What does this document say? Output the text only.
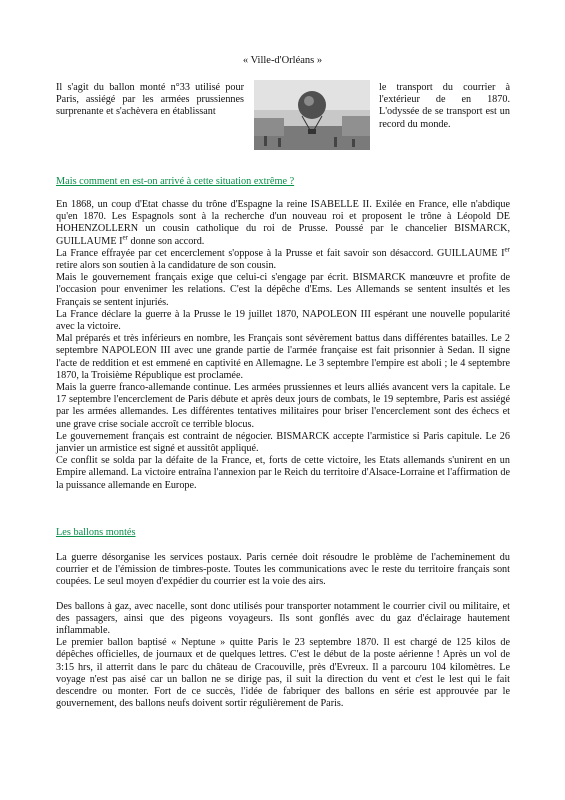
« Ville-d'Orléans »
Il s'agit du ballon monté n°33 utilisé pour Paris, assiégé par les armées prussiennes surprenante et s'achèvera en établissant
le transport du courrier à l'extérieur de en 1870. L'odyssée de se transport est un record du monde.
Mais comment en est-on arrivé à cette situation extrême ?

En 1868, un coup d'Etat chasse du trône d'Espagne la reine ISABELLE II. Exilée en France, elle n'abdique qu'en 1870. Les Espagnols sont à la recherche d'un nouveau roi et proposent le trône à Léopold DE HOHENZOLLERN un cousin catholique du roi de Prusse. Poussé par le chancelier BISMARCK, GUILLAUME Ier donne son accord.

La France effrayée par cet encerclement s'oppose à la Prusse et fait savoir son désaccord. GUILLAUME Ier retire alors son soutien à la candidature de son cousin.

Mais le gouvernement français exige que celui-ci s'engage par écrit. BISMARCK manœuvre et profite de l'occasion pour envenimer les relations. C'est la dépêche d'Ems. Les Allemands se sentent insultés et les Français se sentent injuriés.

La France déclare la guerre à la Prusse le 19 juillet 1870, NAPOLEON III espérant une nouvelle popularité avec la victoire.

Mal préparés et très inférieurs en nombre, les Français sont sévèrement battus dans différentes batailles. Le 2 septembre NAPOLEON III avec une grande partie de l'armée française est fait prisonnier à Sedan. Il signe l'acte de reddition et est emmené en captivité en Allemagne. Le 3 septembre l'empire est aboli ; le 4 septembre 1870, la Troisième République est proclamée.

Mais la guerre franco-allemande continue. Les armées prussiennes et leurs alliés avancent vers la capitale. Le 17 septembre l'encerclement de Paris débute et après deux jours de combats, le 19 septembre, Paris est assiégé par les armées allemandes. Les différentes tentatives militaires pour briser l'encerclement sont des échecs et une grave crise sociale accroît ce terrible blocus.

Le gouvernement français est contraint de négocier. BISMARCK accepte l'armistice si Paris capitule. Le 26 janvier un armistice est signé et aussitôt appliqué.

Ce conflit se solda par la défaite de la France, et, forts de cette victoire, les Etats allemands s'unirent en un Empire allemand. La victoire entraîna l'annexion par le Reich du territoire d'Alsace-Lorraine et l'affirmation de la puissance allemande en Europe.

Les ballons montés

La guerre désorganise les services postaux. Paris cernée doit résoudre le problème de l'acheminement du courrier et de l'émission de timbres-poste. Toutes les communications avec le reste du territoire français sont coupées. Le seul moyen d'expédier du courrier est la voie des airs.

Des ballons à gaz, avec nacelle, sont donc utilisés pour transporter notamment le courrier civil ou militaire, et des passagers, ainsi que des pigeons voyageurs. Ils sont gonflés avec du gaz d'éclairage hautement inflammable.

Le premier ballon baptisé « Neptune » quitte Paris le 23 septembre 1870. Il est chargé de 125 kilos de dépêches officielles, de journaux et de quelques lettres. C'est le début de la poste aérienne ! Après un vol de 3:15 hrs, il atterrit dans le parc du château de Cracouville, près d'Evreux. Il a parcouru 104 kilomètres. Le voyage n'est pas aisé car un ballon ne se dirige pas, il suit la direction du vent et c'est le lest qui le fait descendre ou monter. Fort de ce succès, l'idée de fabriquer des ballons en série est approuvée par le gouvernement, des ballons neufs doivent sortir régulièrement de Paris.
